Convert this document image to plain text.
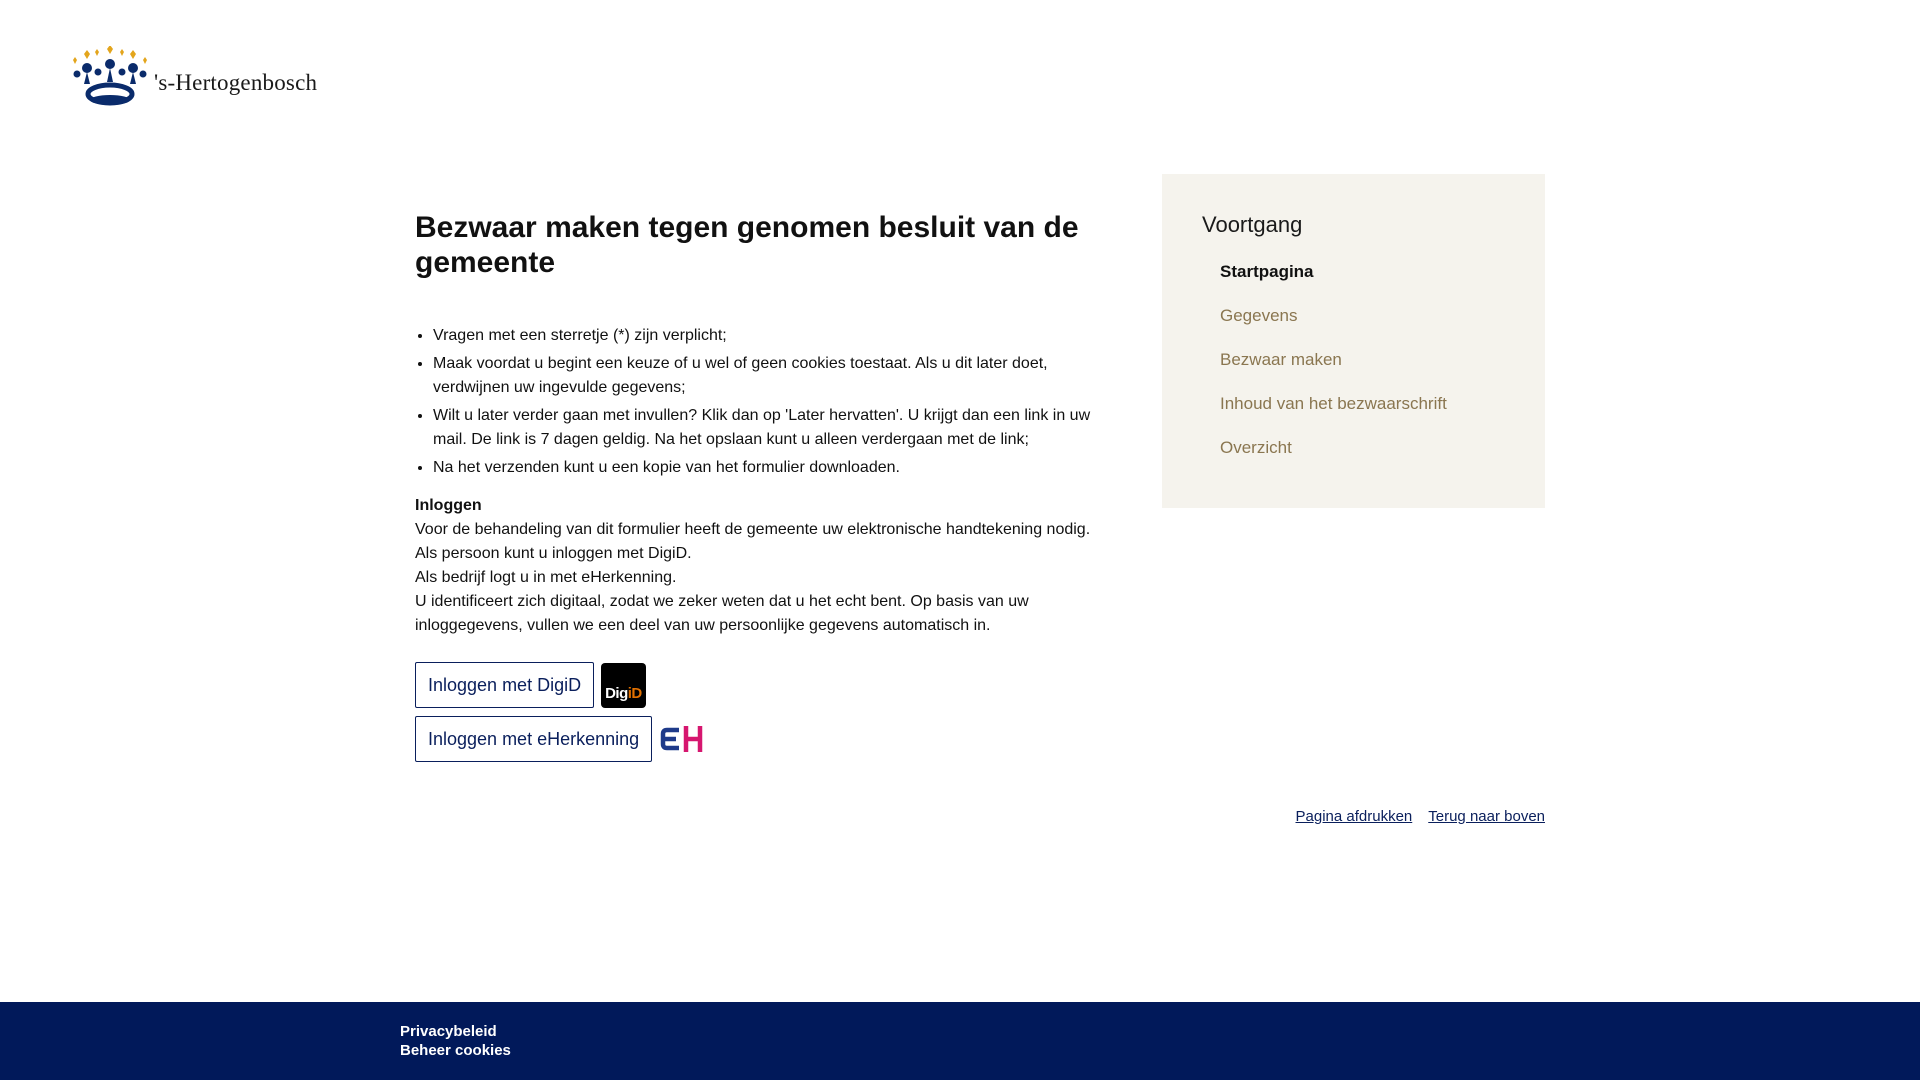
's-Hertogenbosch
Bezwaar maken tegen genomen besluit van de gemeente
• Vragen met een sterretje (*) zijn verplicht;
• Maak voordat u begint een keuze of u wel of geen cookies toestaat. Als u dit later doet, verdwijnen uw ingevulde gegevens;
• Wilt u later verder gaan met invullen? Klik dan op 'Later hervatten'. U krijgt dan een link in uw mail. De link is 7 dagen geldig. Na het opslaan kunt u alleen verdergaan met de link;
• Na het verzenden kunt u een kopie van het formulier downloaden.

Inloggen

Voor de behandeling van dit formulier heeft de gemeente uw elektronische handtekening nodig.

Als persoon kunt u inloggen met DigiD.

Als bedrijf logt u in met eHerkenning.

U identificeert zich digitaal, zodat we zeker weten dat u het echt bent. Op basis van uw inloggegevens, vullen we een deel van uw persoonlijke gegevens automatisch in.

Inloggen met DigiD	DigiD
Inloggen met eHerkenning
Voortgang
Startpagina
Gegevens
Bezwaar maken
Inhoud van het bezwaarschrift
Overzicht
Pagina afdrukken Terug naar boven
Privacybeleid
Beheer cookies
